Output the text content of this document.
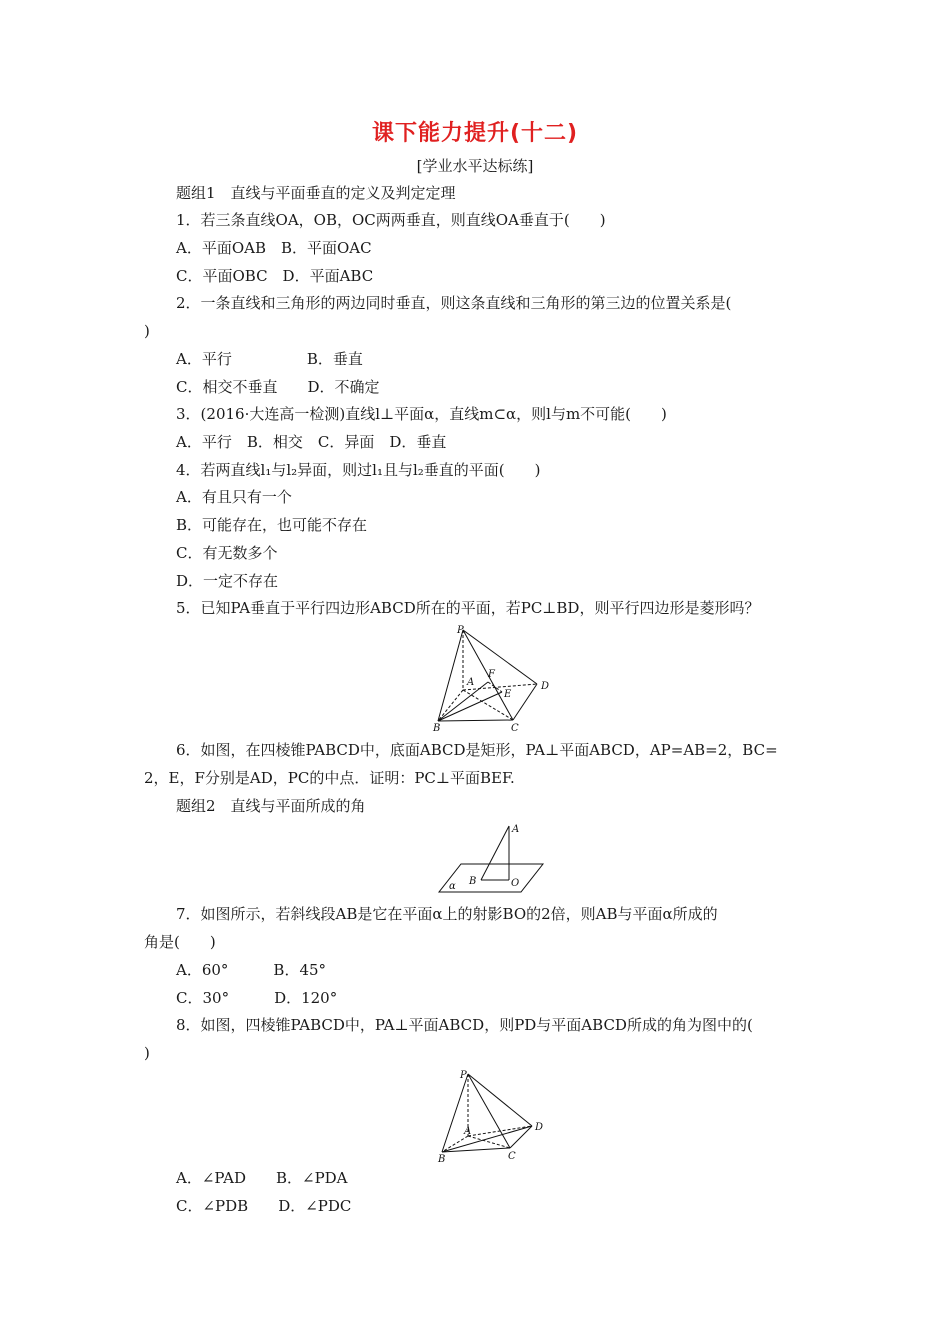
课下能力提升(十二)
[学业水平达标练]
题组1　直线与平面垂直的定义及判定定理
1．若三条直线OA，OB，OC两两垂直，则直线OA垂直于(　　)
A．平面OAB　B．平面OAC
C．平面OBC　D．平面ABC
2．一条直线和三角形的两边同时垂直，则这条直线和三角形的第三边的位置关系是(
)
A．平行　　　　　B．垂直
C．相交不垂直　　D．不确定
3．(2016·大连高一检测)直线l⊥平面α，直线m⊂α，则l与m不可能(　　)
A．平行　B．相交　C．异面　D．垂直
4．若两直线l₁与l₂异面，则过l₁且与l₂垂直的平面(　　)
A．有且只有一个
B．可能存在，也可能不存在
C．有无数多个
D．一定不存在
5．已知PA垂直于平行四边形ABCD所在的平面，若PC⊥BD，则平行四边形是菱形吗？
P
A
F
E
D
B	C
6．如图，在四棱锥PABCD中，底面ABCD是矩形，PA⊥平面ABCD，AP=AB=2，BC=
2，E，F分别是AD，PC的中点．证明：PC⊥平面BEF.
题组2　直线与平面所成的角
A
B	O
α
7．如图所示，若斜线段AB是它在平面α上的射影BO的2倍，则AB与平面α所成的
角是(　　)
A．60°　　　B．45°
C．30°　　　D．120°
8．如图，四棱锥PABCD中，PA⊥平面ABCD，则PD与平面ABCD所成的角为图中的(
)
P
A	D
B	C
A．∠PAD　　B．∠PDA
C．∠PDB　　D．∠PDC
